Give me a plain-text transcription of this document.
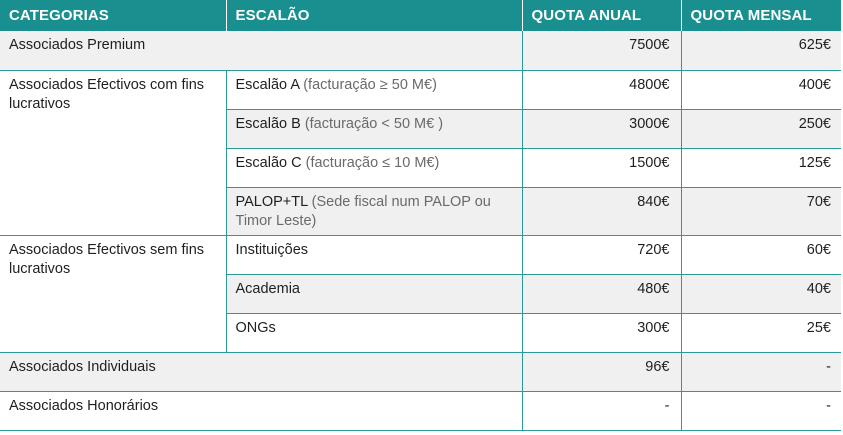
CATEGORIAS	ESCALÃO	QUOTA ANUAL	QUOTA MENSAL
Associados Premium		7500€	625€
Associados Efectivos com fins lucrativos	Escalão A (facturação ≥ 50 M€)	4800€	400€
	Escalão B (facturação < 50 M€ )	3000€	250€
	Escalão C (facturação ≤ 10 M€)	1500€	125€
	PALOP+TL (Sede fiscal num PALOP ou Timor Leste)	840€	70€
Associados Efectivos sem fins lucrativos	Instituições	720€	60€
	Academia	480€	40€
	ONGs	300€	25€
Associados Individuais		96€	-
Associados Honorários		-	-
